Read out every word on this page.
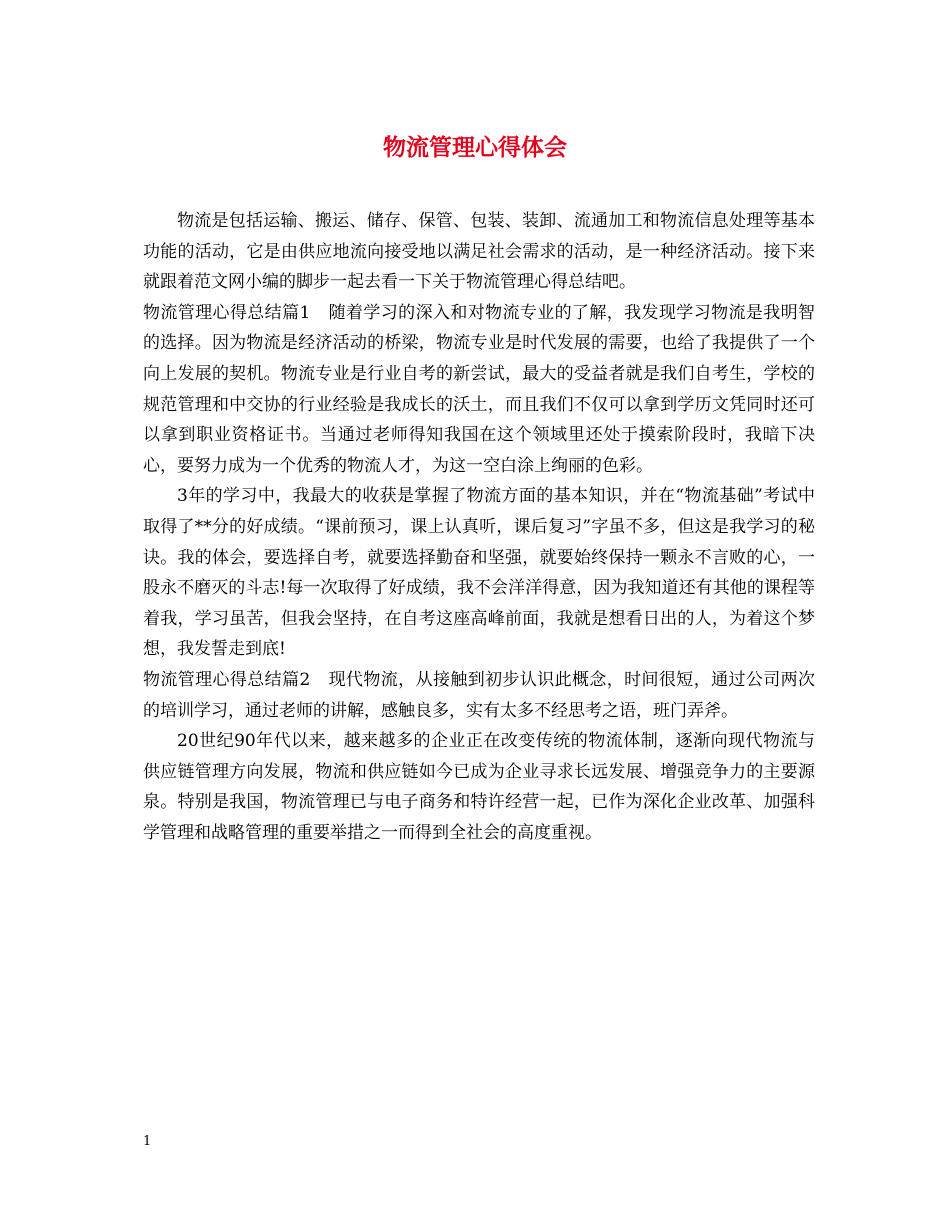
物流管理心得体会

物流是包括运输、搬运、储存、保管、包装、装卸、流通加工和物流信息处理等基本功能的活动，它是由供应地流向接受地以满足社会需求的活动，是一种经济活动。接下来就跟着范文网小编的脚步一起去看一下关于物流管理心得总结吧。

物流管理心得总结篇1 随着学习的深入和对物流专业的了解，我发现学习物流是我明智的选择。因为物流是经济活动的桥梁，物流专业是时代发展的需要，也给了我提供了一个向上发展的契机。物流专业是行业自考的新尝试，最大的受益者就是我们自考生，学校的规范管理和中交协的行业经验是我成长的沃土，而且我们不仅可以拿到学历文凭同时还可以拿到职业资格证书。当通过老师得知我国在这个领域里还处于摸索阶段时，我暗下决心，要努力成为一个优秀的物流人才，为这一空白涂上绚丽的色彩。

3年的学习中，我最大的收获是掌握了物流方面的基本知识，并在“物流基础”考试中取得了**分的好成绩。“课前预习，课上认真听，课后复习”字虽不多，但这是我学习的秘诀。我的体会，要选择自考，就要选择勤奋和坚强，就要始终保持一颗永不言败的心，一股永不磨灭的斗志!每一次取得了好成绩，我不会洋洋得意，因为我知道还有其他的课程等着我，学习虽苦，但我会坚持，在自考这座高峰前面，我就是想看日出的人，为着这个梦想，我发誓走到底!

物流管理心得总结篇2 现代物流，从接触到初步认识此概念，时间很短，通过公司两次的培训学习，通过老师的讲解，感触良多，实有太多不经思考之语，班门弄斧。

20世纪90年代以来，越来越多的企业正在改变传统的物流体制，逐渐向现代物流与供应链管理方向发展，物流和供应链如今已成为企业寻求长远发展、增强竞争力的主要源泉。特别是我国，物流管理已与电子商务和特许经营一起，已作为深化企业改革、加强科学管理和战略管理的重要举措之一而得到全社会的高度重视。

1
